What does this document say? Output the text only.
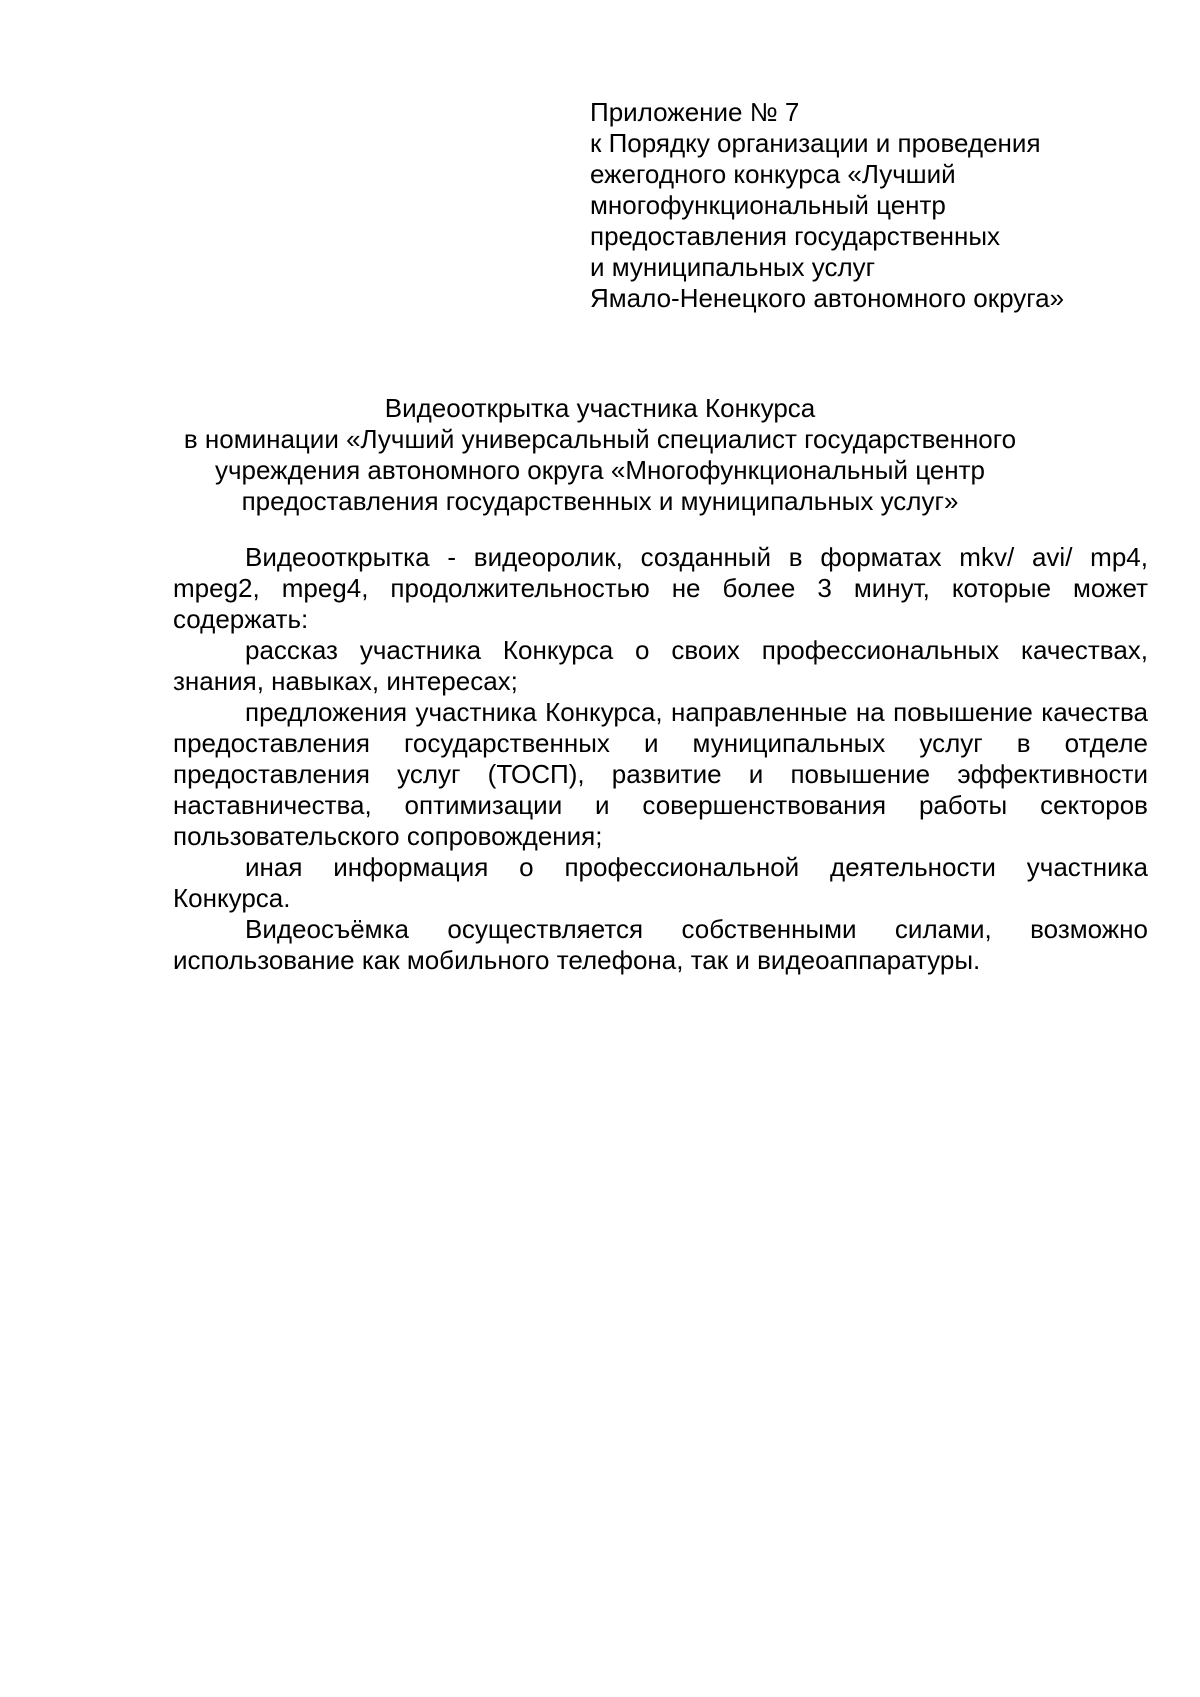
Приложение № 7
к Порядку организации и проведения
ежегодного конкурса «Лучший
многофункциональный центр
предоставления государственных
и муниципальных услуг
Ямало-Ненецкого автономного округа»
Видеооткрытка участника Конкурса
в номинации «Лучший универсальный специалист государственного
учреждения автономного округа «Многофункциональный центр
предоставления государственных и муниципальных услуг»

Видеооткрытка - видеоролик, созданный в форматах mkv/ avi/ mp4, mpeg2, mpeg4, продолжительностью не более 3 минут, которые может содержать:

рассказ участника Конкурса о своих профессиональных качествах, знания, навыках, интересах;

предложения участника Конкурса, направленные на повышение качества предоставления государственных и муниципальных услуг в отделе предоставления услуг (ТОСП), развитие и повышение эффективности наставничества, оптимизации и совершенствования работы секторов пользовательского сопровождения;

иная информация о профессиональной деятельности участника Конкурса.

Видеосъёмка осуществляется собственными силами, возможно использование как мобильного телефона, так и видеоаппаратуры.
